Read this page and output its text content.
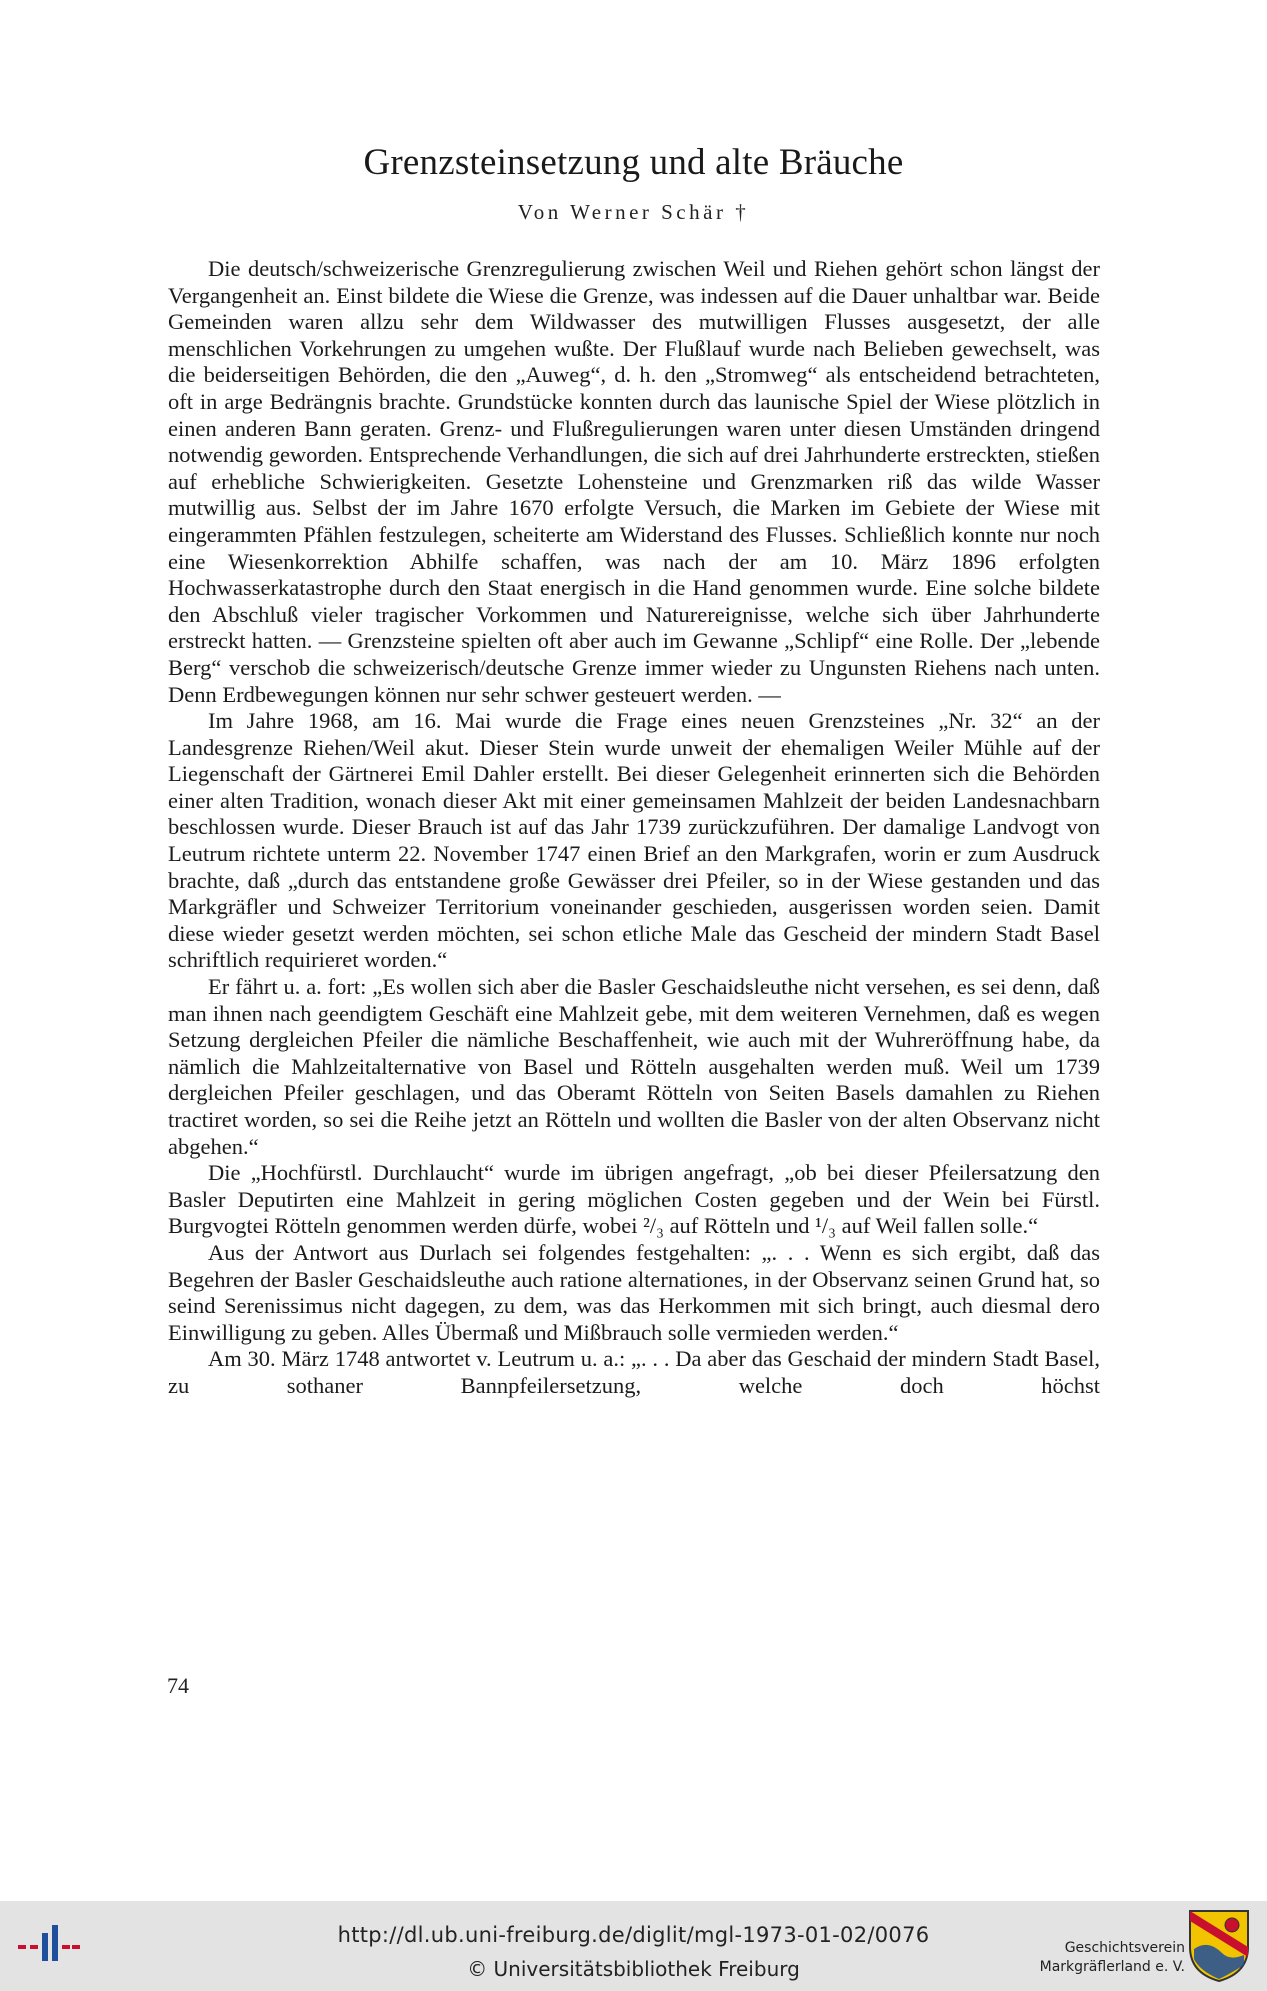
Grenzsteinsetzung und alte Bräuche
Von Werner Schär †

Die deutsch/schweizerische Grenzregulierung zwischen Weil und Riehen gehört schon längst der Vergangenheit an. Einst bildete die Wiese die Grenze, was indessen auf die Dauer unhaltbar war. Beide Gemeinden waren allzu sehr dem Wildwasser des mutwilligen Flusses ausgesetzt, der alle menschlichen Vorkehrungen zu umgehen wußte. Der Flußlauf wurde nach Belieben gewechselt, was die beiderseitigen Behörden, die den „Auweg“, d. h. den „Stromweg“ als entscheidend betrachteten, oft in arge Bedrängnis brachte. Grundstücke konnten durch das launische Spiel der Wiese plötzlich in einen anderen Bann geraten. Grenz- und Flußregulierungen waren unter diesen Umständen dringend notwendig geworden. Entsprechende Verhandlungen, die sich auf drei Jahrhunderte erstreckten, stießen auf erhebliche Schwierigkeiten. Gesetzte Lohensteine und Grenzmarken riß das wilde Wasser mutwillig aus. Selbst der im Jahre 1670 erfolgte Versuch, die Marken im Gebiete der Wiese mit eingerammten Pfählen festzulegen, scheiterte am Widerstand des Flusses. Schließlich konnte nur noch eine Wiesenkorrektion Abhilfe schaffen, was nach der am 10. März 1896 erfolgten Hochwasserkatastrophe durch den Staat energisch in die Hand genommen wurde. Eine solche bildete den Abschluß vieler tragischer Vorkommen und Naturereignisse, welche sich über Jahrhunderte erstreckt hatten. — Grenzsteine spielten oft aber auch im Gewanne „Schlipf“ eine Rolle. Der „lebende Berg“ verschob die schweizerisch/deutsche Grenze immer wieder zu Ungunsten Riehens nach unten. Denn Erdbewegungen können nur sehr schwer gesteuert werden. —

Im Jahre 1968, am 16. Mai wurde die Frage eines neuen Grenzsteines „Nr. 32“ an der Landesgrenze Riehen/Weil akut. Dieser Stein wurde unweit der ehemaligen Weiler Mühle auf der Liegenschaft der Gärtnerei Emil Dahler erstellt. Bei dieser Gelegenheit erinnerten sich die Behörden einer alten Tradition, wonach dieser Akt mit einer gemeinsamen Mahlzeit der beiden Landesnachbarn beschlossen wurde. Dieser Brauch ist auf das Jahr 1739 zurückzuführen. Der damalige Landvogt von Leutrum richtete unterm 22. November 1747 einen Brief an den Markgrafen, worin er zum Ausdruck brachte, daß „durch das entstandene große Gewässer drei Pfeiler, so in der Wiese gestanden und das Markgräfler und Schweizer Territorium voneinander geschieden, ausgerissen worden seien. Damit diese wieder gesetzt werden möchten, sei schon etliche Male das Gescheid der mindern Stadt Basel schriftlich requirieret worden.“

Er fährt u. a. fort: „Es wollen sich aber die Basler Geschaidsleuthe nicht versehen, es sei denn, daß man ihnen nach geendigtem Geschäft eine Mahlzeit gebe, mit dem weiteren Vernehmen, daß es wegen Setzung dergleichen Pfeiler die nämliche Beschaffenheit, wie auch mit der Wuhreröffnung habe, da nämlich die Mahlzeitalternative von Basel und Rötteln ausgehalten werden muß. Weil um 1739 dergleichen Pfeiler geschlagen, und das Oberamt Rötteln von Seiten Basels damahlen zu Riehen tractiret worden, so sei die Reihe jetzt an Rötteln und wollten die Basler von der alten Observanz nicht abgehen.“

Die „Hochfürstl. Durchlaucht“ wurde im übrigen angefragt, „ob bei dieser Pfeilersatzung den Basler Deputirten eine Mahlzeit in gering möglichen Costen gegeben und der Wein bei Fürstl. Burgvogtei Rötteln genommen werden dürfe, wobei ²/₃ auf Rötteln und ¹/₃ auf Weil fallen solle.“

Aus der Antwort aus Durlach sei folgendes festgehalten: „. . . Wenn es sich ergibt, daß das Begehren der Basler Geschaidsleuthe auch ratione alternationes, in der Observanz seinen Grund hat, so seind Serenissimus nicht dagegen, zu dem, was das Herkommen mit sich bringt, auch diesmal dero Einwilligung zu geben. Alles Übermaß und Mißbrauch solle vermieden werden.“

Am 30. März 1748 antwortet v. Leutrum u. a.: „. . . Da aber das Geschaid der mindern Stadt Basel, zu sothaner Bannpfeilersetzung, welche doch höchst

74
http://dl.ub.uni-freiburg.de/diglit/mgl-1973-01-02/0076
© Universitätsbibliothek Freiburg
Geschichtsverein
Markgräflerland e. V.
